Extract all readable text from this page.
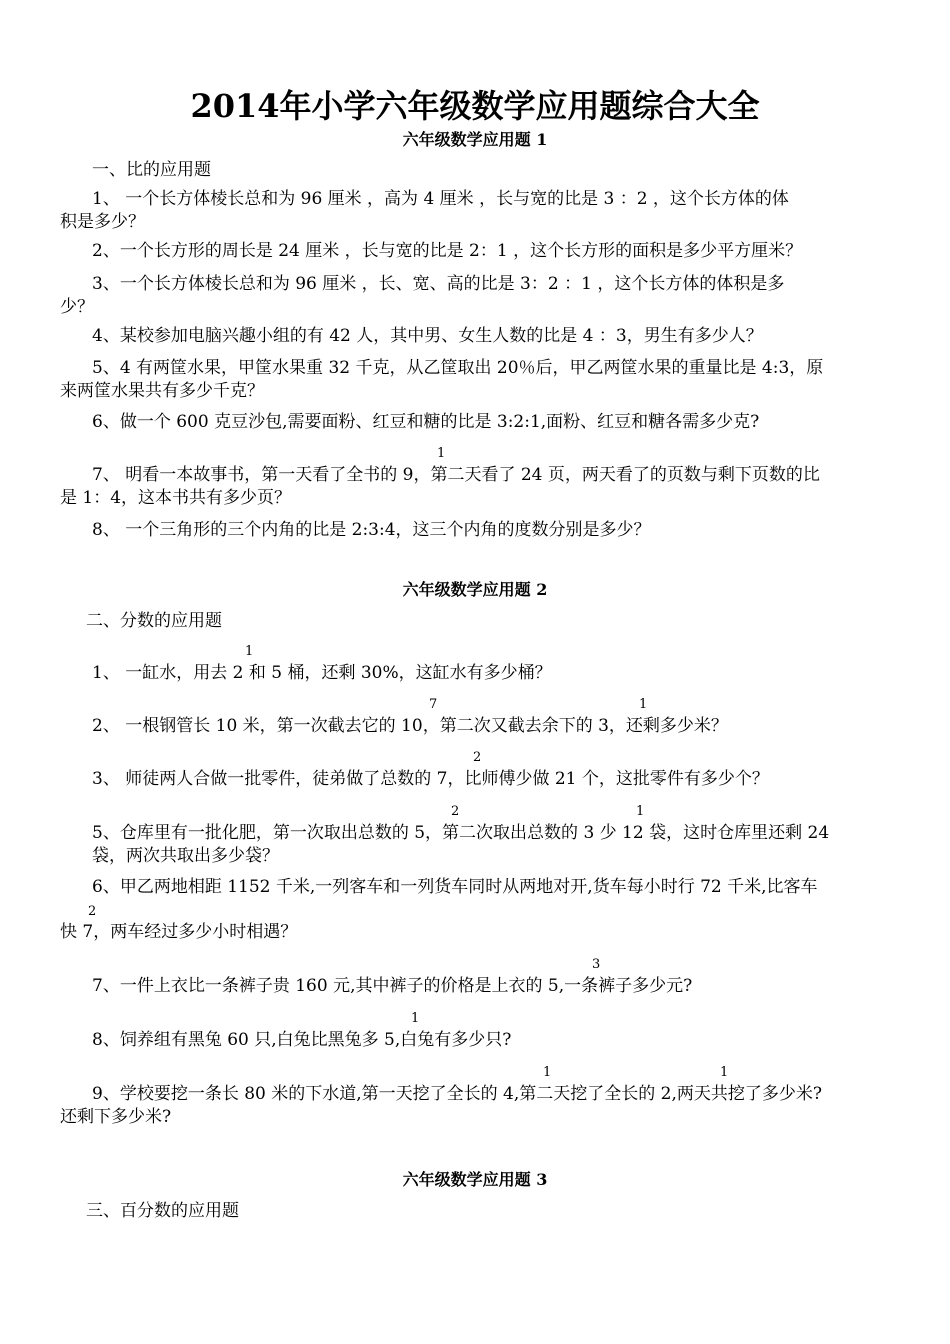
2014年小学六年级数学应用题综合大全
六年级数学应用题 1
一、比的应用题
1、 一个长方体棱长总和为 96 厘米 ，高为 4 厘米 ，长与宽的比是 3 ：2 ，这个长方体的体
积是多少？
2、一个长方形的周长是 24 厘米 ，长与宽的比是 2：1 ，这个长方形的面积是多少平方厘米？
3、一个长方体棱长总和为 96 厘米 ，长、宽、高的比是 3：2 ：1 ，这个长方体的体积是多
少？
4、某校参加电脑兴趣小组的有 42 人，其中男、女生人数的比是 4 ：3，男生有多少人？
5、4 有两筐水果，甲筐水果重 32 千克，从乙筐取出 20％后，甲乙两筐水果的重量比是 4:3，原
来两筐水果共有多少千克？
6、做一个 600 克豆沙包,需要面粉、红豆和糖的比是 3:2:1,面粉、红豆和糖各需多少克?
1
7、 明看一本故事书，第一天看了全书的 9，第二天看了 24 页，两天看了的页数与剩下页数的比
是 1：4，这本书共有多少页？
8、 一个三角形的三个内角的比是 2:3:4，这三个内角的度数分别是多少？
六年级数学应用题 2
二、分数的应用题
1
1、 一缸水，用去 2 和 5 桶，还剩 30%，这缸水有多少桶？
7	1
2、 一根钢管长 10 米，第一次截去它的 10，第二次又截去余下的 3，还剩多少米？
2
3、 师徒两人合做一批零件，徒弟做了总数的 7，比师傅少做 21 个，这批零件有多少个？
2	1
5、仓库里有一批化肥，第一次取出总数的 5，第二次取出总数的 3 少 12 袋，这时仓库里还剩 24
袋，两次共取出多少袋？
6、甲乙两地相距 1152 千米,一列客车和一列货车同时从两地对开,货车每小时行 72 千米,比客车
2
快 7，两车经过多少小时相遇？
3
7、一件上衣比一条裤子贵 160 元,其中裤子的价格是上衣的 5,一条裤子多少元?
1
8、饲养组有黑兔 60 只,白兔比黑兔多 5,白兔有多少只?
1	1
9、学校要挖一条长 80 米的下水道,第一天挖了全长的 4,第二天挖了全长的 2,两天共挖了多少米?
还剩下多少米?
六年级数学应用题 3
三、百分数的应用题
